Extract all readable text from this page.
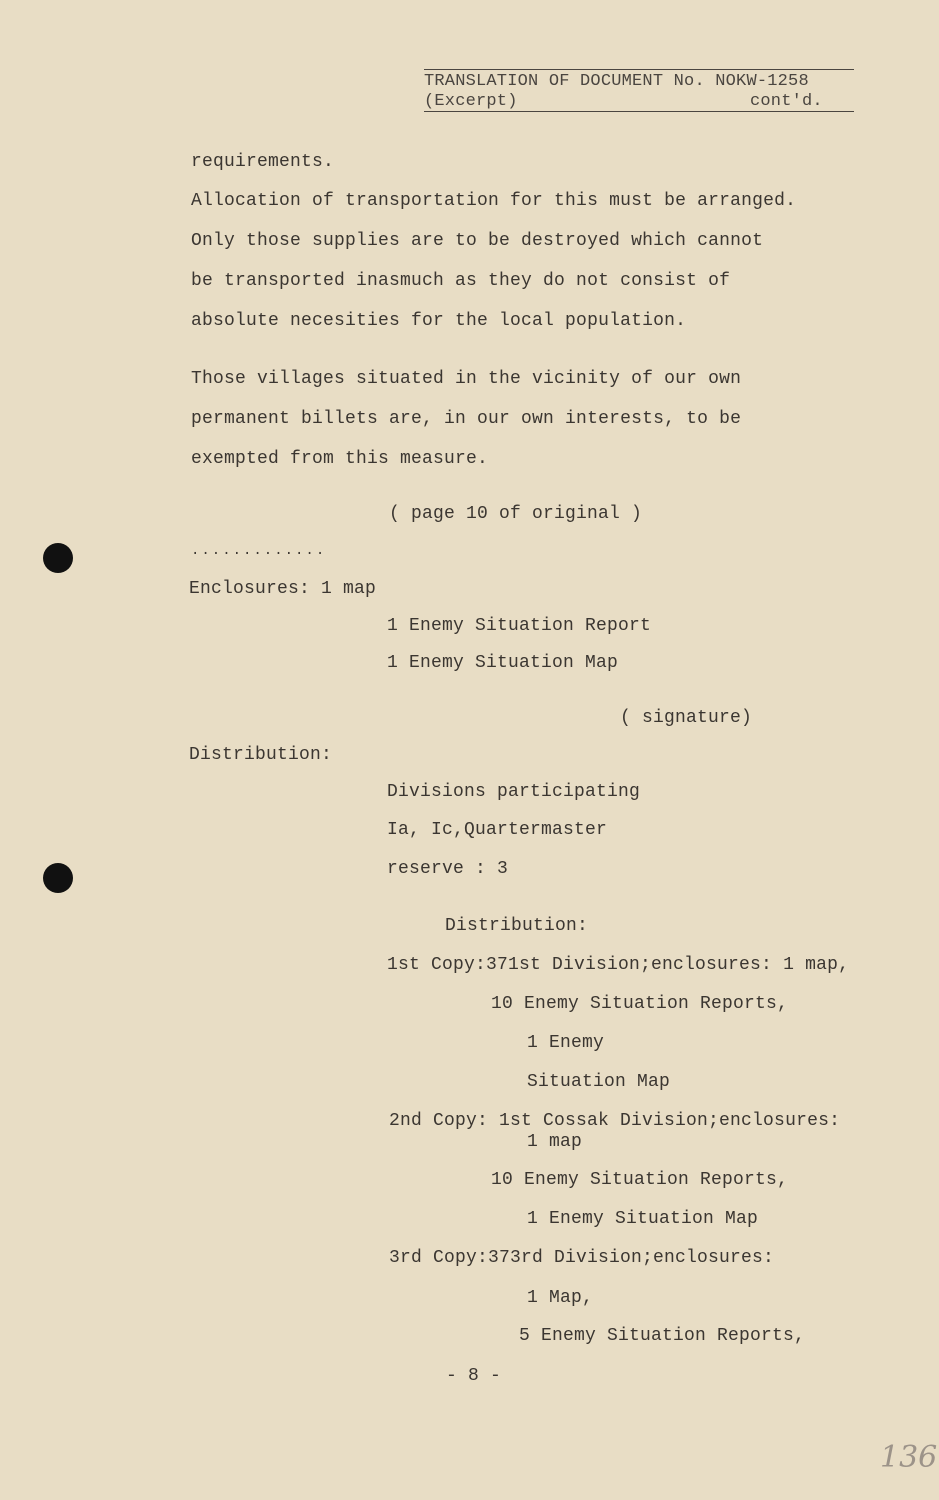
TRANSLATION OF DOCUMENT No. NOKW-1258
(Excerpt)	cont'd.
requirements.
Allocation of transportation for this must be arranged.
Only those supplies are to be destroyed which cannot
be transported inasmuch as they do not consist of
absolute necesities for the local population.
Those villages situated in the vicinity of our own
permanent billets are, in our own interests, to be
exempted from this measure.
( page 10 of original )
.............
Enclosures: 1 map
1 Enemy Situation Report
1 Enemy Situation Map
( signature)
Distribution:
Divisions participating
Ia, Ic,Quartermaster
reserve : 3
Distribution:
1st Copy:371st Division;enclosures: 1 map,
10 Enemy Situation Reports,
1 Enemy
Situation Map
2nd Copy: 1st Cossak Division;enclosures:
1 map
10 Enemy Situation Reports,
1 Enemy Situation Map
3rd Copy:373rd Division;enclosures:
1 Map,
5 Enemy Situation Reports,
- 8 -
136
